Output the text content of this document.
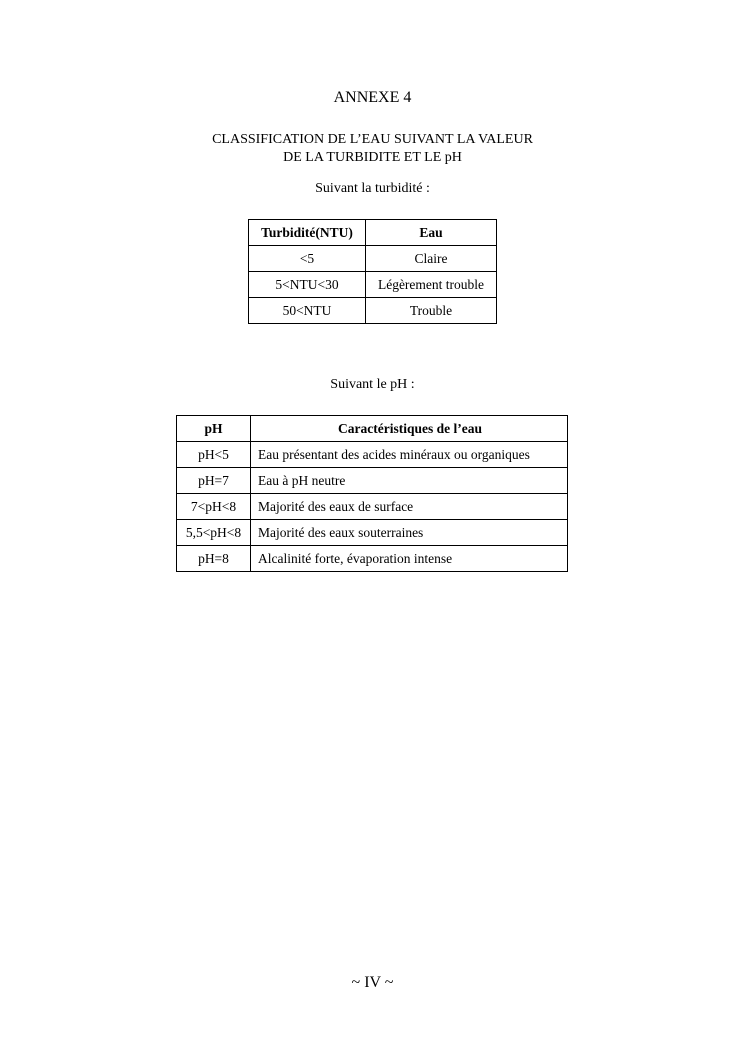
ANNEXE 4
CLASSIFICATION DE L’EAU SUIVANT LA VALEUR
DE LA TURBIDITE ET LE pH
Suivant la turbidité :
Turbidité(NTU)	Eau
<5	Claire
5<NTU<30	Légèrement trouble
50<NTU	Trouble
Suivant le pH :
pH	Caractéristiques de l’eau
pH<5	Eau présentant des acides minéraux ou organiques
pH=7	Eau à pH neutre
7<pH<8	Majorité des eaux de surface
5,5<pH<8	Majorité des eaux souterraines
pH=8	Alcalinité forte, évaporation intense
~ IV ~
